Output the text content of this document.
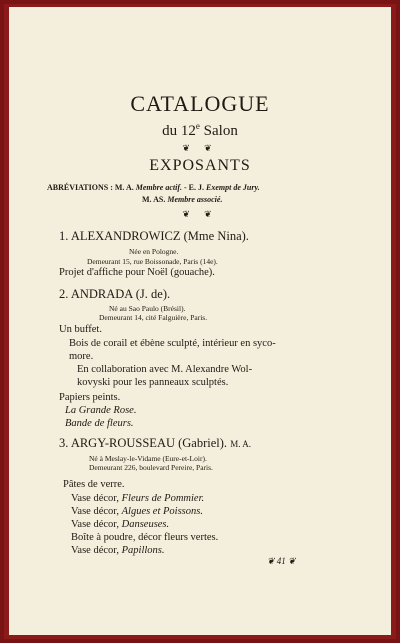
CATALOGUE
du 12e Salon
❦ ❦
EXPOSANTS
ABRÉVIATIONS : M. A. Membre actif. - E. J. Exempt de Jury.
M. AS. Membre associé.
❦ ❦
1. ALEXANDROWICZ (Mme Nina).
Née en Pologne.
Demeurant 15, rue Boissonade, Paris (14e).
Projet d'affiche pour Noël (gouache).
2. ANDRADA (J. de).
Né au Sao Paulo (Brésil).
Demeurant 14, cité Falguière, Paris.
Un buffet.
Bois de corail et ébène sculpté, intérieur en syco-
more.
En collaboration avec M. Alexandre Wol-
kovyski pour les panneaux sculptés.
Papiers peints.
La Grande Rose.
Bande de fleurs.
3. ARGY-ROUSSEAU (Gabriel). M. A.
Né à Meslay-le-Vidame (Eure-et-Loir).
Demeurant 226, boulevard Pereire, Paris.
Pâtes de verre.
Vase décor, Fleurs de Pommier.
Vase décor, Algues et Poissons.
Vase décor, Danseuses.
Boîte à poudre, décor fleurs vertes.
Vase décor, Papillons.
❦ 41 ❦
